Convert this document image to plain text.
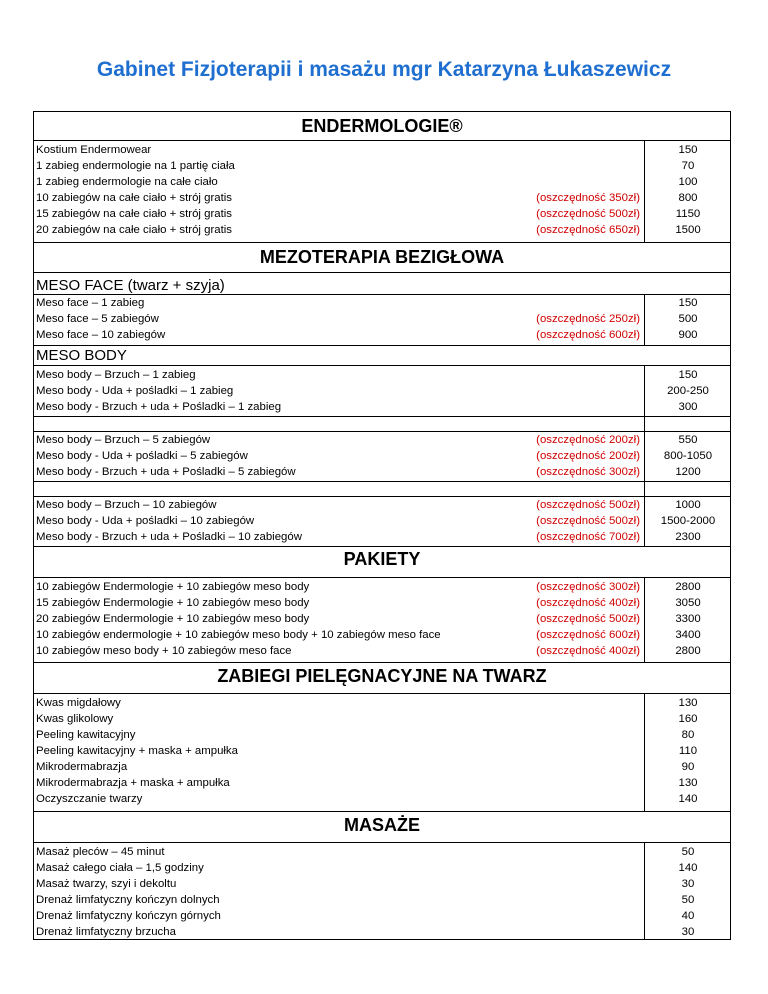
Gabinet Fizjoterapii i masażu mgr Katarzyna Łukaszewicz
ENDERMOLOGIE®
MEZOTERAPIA BEZIGŁOWA
PAKIETY
ZABIEGI PIELĘGNACYJNE NA TWARZ
MASAŻE
MESO FACE (twarz + szyja)
MESO BODY
Kostium Endermowear	150
1 zabieg endermologie na 1 partię ciała	70
1 zabieg endermologie na całe ciało	100
10 zabiegów na całe ciało + strój gratis	(oszczędność 350zł)	800
15 zabiegów na całe ciało + strój gratis	(oszczędność 500zł)	1150
20 zabiegów na całe ciało + strój gratis	(oszczędność 650zł)	1500
Meso face – 1 zabieg	150
Meso face – 5 zabiegów	(oszczędność 250zł)	500
Meso face – 10 zabiegów	(oszczędność 600zł)	900
Meso body – Brzuch – 1 zabieg	150
Meso body - Uda + pośladki – 1 zabieg	200-250
Meso body - Brzuch + uda + Pośladki – 1 zabieg	300
Meso body – Brzuch – 5 zabiegów	(oszczędność 200zł)	550
Meso body - Uda + pośladki – 5 zabiegów	(oszczędność 200zł)	800-1050
Meso body - Brzuch + uda + Pośladki – 5 zabiegów	(oszczędność 300zł)	1200
Meso body – Brzuch – 10 zabiegów	(oszczędność 500zł)	1000
Meso body - Uda + pośladki – 10 zabiegów	(oszczędność 500zł)	1500-2000
Meso body - Brzuch + uda + Pośladki – 10 zabiegów	(oszczędność 700zł)	2300
10 zabiegów Endermologie + 10 zabiegów meso body	(oszczędność 300zł)	2800
15 zabiegów Endermologie + 10 zabiegów meso body	(oszczędność 400zł)	3050
20 zabiegów Endermologie + 10 zabiegów meso body	(oszczędność 500zł)	3300
10 zabiegów endermologie + 10 zabiegów meso body + 10 zabiegów meso face	(oszczędność 600zł)	3400
10 zabiegów meso body + 10 zabiegów meso face	(oszczędność 400zł)	2800
Kwas migdałowy	130
Kwas glikolowy	160
Peeling kawitacyjny	80
Peeling kawitacyjny + maska + ampułka	110
Mikrodermabrazja	90
Mikrodermabrazja + maska + ampułka	130
Oczyszczanie twarzy	140
Masaż pleców – 45 minut	50
Masaż całego ciała – 1,5 godziny	140
Masaż twarzy, szyi i dekoltu	30
Drenaż limfatyczny kończyn dolnych	50
Drenaż limfatyczny kończyn górnych	40
Drenaż limfatyczny brzucha	30
